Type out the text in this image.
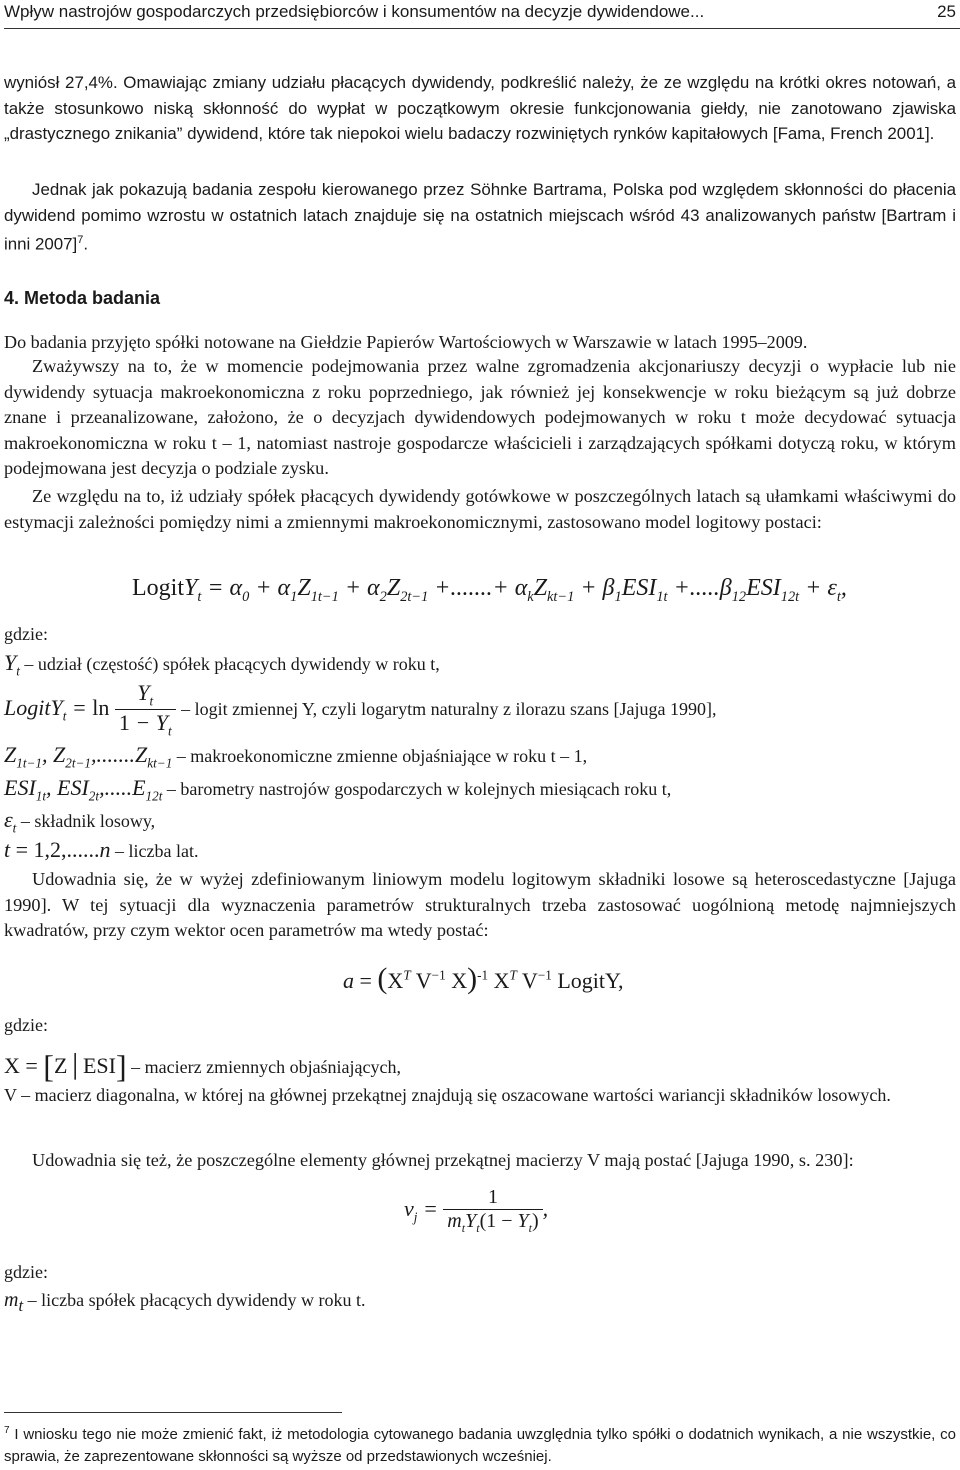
Wpływ nastrojów gospodarczych przedsiębiorców i konsumentów na decyzje dywidendowe...	25

wyniósł 27,4%. Omawiając zmiany udziału płacących dywidendy, podkreślić należy, że ze względu na krótki okres notowań, a także stosunkowo niską skłonność do wypłat w początkowym okresie funkcjonowania giełdy, nie zanotowano zjawiska „drastycznego znikania” dywidend, które tak niepokoi wielu badaczy rozwiniętych rynków kapitałowych [Fama, French 2001].

Jednak jak pokazują badania zespołu kierowanego przez Söhnke Bartrama, Polska pod względem skłonności do płacenia dywidend pomimo wzrostu w ostatnich latach znajduje się na ostatnich miejscach wśród 43 analizowanych państw [Bartram i inni 2007]$^7$.

4. Metoda badania

Do badania przyjęto spółki notowane na Giełdzie Papierów Wartościowych w Warszawie w latach 1995–2009.

Zważywszy na to, że w momencie podejmowania przez walne zgromadzenia akcjonariuszy decyzji o wypłacie lub nie dywidendy sytuacja makroekonomiczna z roku poprzedniego, jak również jej konsekwencje w roku bieżącym są już dobrze znane i przeanalizowane, założono, że o decyzjach dywidendowych podejmowanych w roku t może decydować sytuacja makroekonomiczna w roku t – 1, natomiast nastroje gospodarcze właścicieli i zarządzających spółkami dotyczą roku, w którym podejmowana jest decyzja o podziale zysku.

Ze względu na to, iż udziały spółek płacących dywidendy gotówkowe w poszczególnych latach są ułamkami właściwymi do estymacji zależności pomiędzy nimi a zmiennymi makroekonomicznymi, zastosowano model logitowy postaci:

LogitY$_t$ = $\alpha_0 + \alpha_1Z_{1t-1} + \alpha_2Z_{2t-1}$ +.......+ $\alpha_kZ_{kt-1} + \beta_1ESI_{1t} +.....\beta_{12}ESI_{12t} + \varepsilon_t$,
gdzie:
$Y_t$ – udział (częstość) spółek płacących dywidendy w roku t,
LogitY$_t$ = $\ln \frac{Y_t}{1 - Y_t}$ – logit zmiennej Y, czyli logarytm naturalny z ilorazu szans [Jajuga 1990],
$Z_{1t-1}$, $Z_{2t-1},.......Z_{kt-1}$ – makroekonomiczne zmienne objaśniające w roku t – 1,
$ESI_{1t}$, $ESI_{2t},.....E_{12t}$ – barometry nastrojów gospodarczych w kolejnych miesiącach roku t,
$\varepsilon_t$ – składnik losowy,
t = 1,2,......n – liczba lat.

Udowadnia się, że w wyżej zdefiniowanym liniowym modelu logitowym składniki losowe są heteroscedastyczne [Jajuga 1990]. W tej sytuacji dla wyznaczenia parametrów strukturalnych trzeba zastosować uogólnioną metodę najmniejszych kwadratów, przy czym wektor ocen parametrów ma wtedy postać:

$a = (X^T$ $V^{-1}$ X)$^{-1}$ $X^T$ $V^{-1}$ LogitY,
gdzie:
X = [Z│ESI] – macierz zmiennych objaśniających,

V – macierz diagonalna, w której na głównej przekątnej znajdują się oszacowane wartości wariancji składników losowych.

Udowadnia się też, że poszczególne elementy głównej przekątnej macierzy V mają postać [Jajuga 1990, s. 230]:

$v_j = \frac{1}{m_tY_t(1 - Y_t)}$ ,
gdzie:
$m_t$ – liczba spółek płacących dywidendy w roku t.

$^7$ I wniosku tego nie może zmienić fakt, iż metodologia cytowanego badania uwzględnia tylko spółki o dodatnich wynikach, a nie wszystkie, co sprawia, że zaprezentowane skłonności są wyższe od przedstawionych wcześniej.
